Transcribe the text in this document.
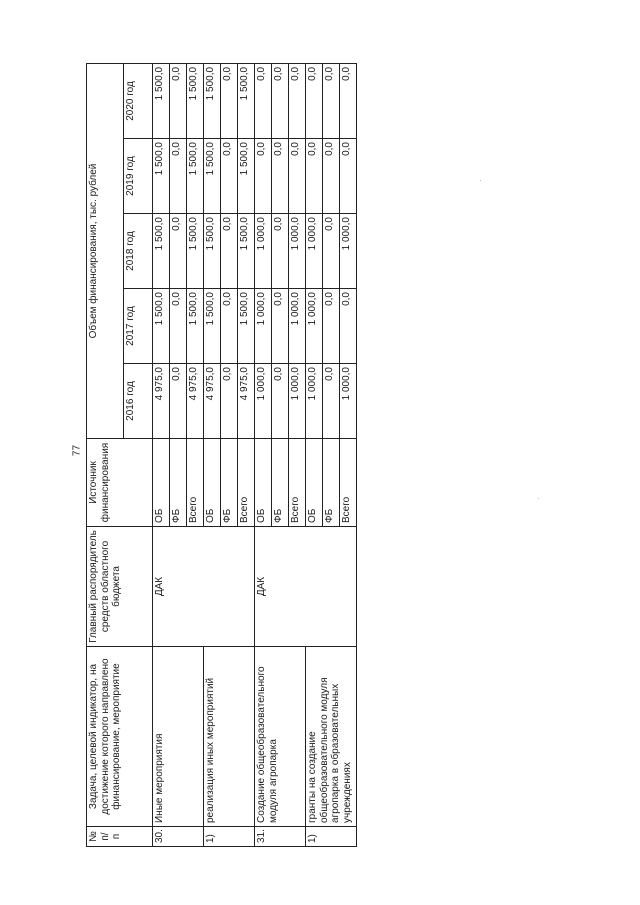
77
№ п/п	Задача, целевой индикатор, на достижение которого направлено финансирование, мероприятие	Главный распорядитель средств областного бюджета	Источник финансирования	Объем финансирования, тыс. рублей				
				2016 год	2017 год	2018 год	2019 год	2020 год
30.	Иные мероприятия	ДАК	ОБ	4 975,0	1 500,0	1 500,0	1 500,0	1 500,0
			ФБ	0,0	0,0	0,0	0,0	0,0
			Всего	4 975,0	1 500,0	1 500,0	1 500,0	1 500,0
1)	реализация иных мероприятий		ОБ	4 975,0	1 500,0	1 500,0	1 500,0	1 500,0
			ФБ	0,0	0,0	0,0	0,0	0,0
			Всего	4 975,0	1 500,0	1 500,0	1 500,0	1 500,0
31.	Создание общеобразовательного модуля агропарка	ДАК	ОБ	1 000,0	1 000,0	1 000,0	0,0	0,0
			ФБ	0,0	0,0	0,0	0,0	0,0
			Всего	1 000,0	1 000,0	1 000,0	0,0	0,0
1)	гранты на создание общеобразовательного модуля агропарка в образовательных учреждениях		ОБ	1 000,0	1 000,0	1 000,0	0,0	0,0
			ФБ	0,0	0,0	0,0	0,0	0,0
			Всего	1 000,0	0,0	1 000,0	0,0	0,0
